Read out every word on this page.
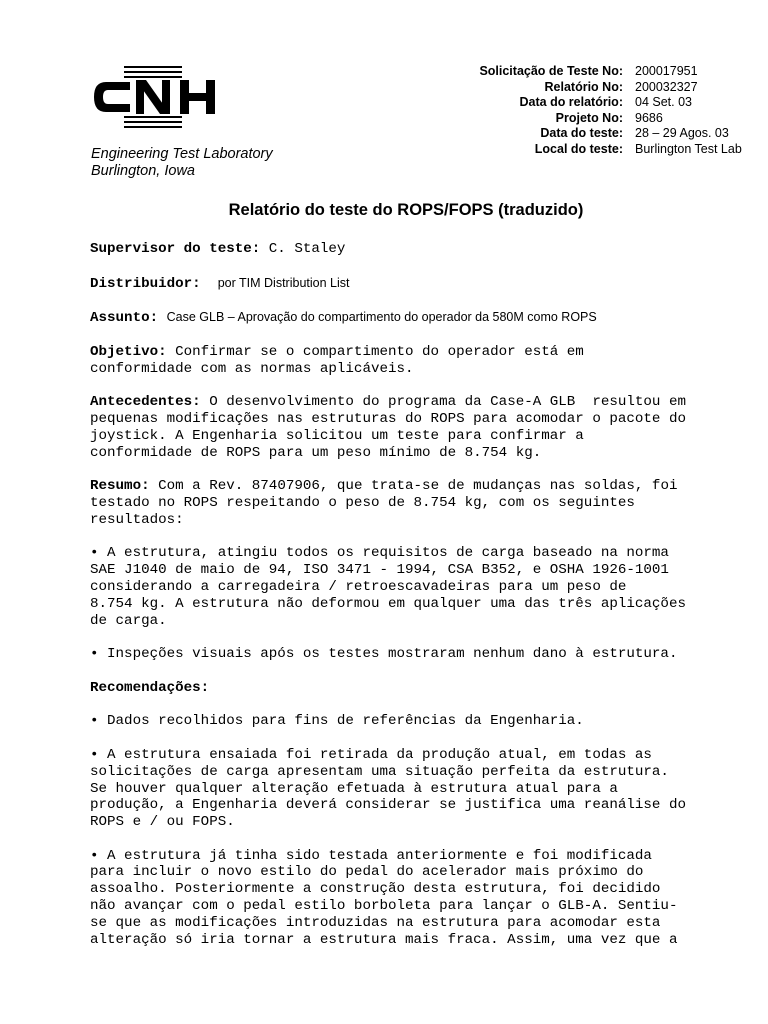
Engineering Test Laboratory
Burlington, Iowa
Solicitação de Teste No: 200017951
Relatório No: 200032327
Data do relatório: 04 Set. 03
Projeto No: 9686
Data do teste: 28 – 29 Agos. 03
Local do teste: Burlington Test Lab
Relatório do teste do ROPS/FOPS (traduzido)

Supervisor do teste: C. Staley

Distribuidor: por TIM Distribution List

Assunto: Case GLB – Aprovação do compartimento do operador da 580M como ROPS

Objetivo: Confirmar se o compartimento do operador está em
conformidade com as normas aplicáveis.

Antecedentes: O desenvolvimento do programa da Case-A GLB  resultou em
pequenas modificações nas estruturas do ROPS para acomodar o pacote do
joystick. A Engenharia solicitou um teste para confirmar a
conformidade de ROPS para um peso mínimo de 8.754 kg.

Resumo: Com a Rev. 87407906, que trata-se de mudanças nas soldas, foi
testado no ROPS respeitando o peso de 8.754 kg, com os seguintes
resultados:

• A estrutura, atingiu todos os requisitos de carga baseado na norma
SAE J1040 de maio de 94, ISO 3471 - 1994, CSA B352, e OSHA 1926-1001
considerando a carregadeira / retroescavadeiras para um peso de
8.754 kg. A estrutura não deformou em qualquer uma das três aplicações
de carga.

• Inspeções visuais após os testes mostraram nenhum dano à estrutura.

Recomendações:

• Dados recolhidos para fins de referências da Engenharia.

• A estrutura ensaiada foi retirada da produção atual, em todas as
solicitações de carga apresentam uma situação perfeita da estrutura.
Se houver qualquer alteração efetuada à estrutura atual para a
produção, a Engenharia deverá considerar se justifica uma reanálise do
ROPS e / ou FOPS.

• A estrutura já tinha sido testada anteriormente e foi modificada
para incluir o novo estilo do pedal do acelerador mais próximo do
assoalho. Posteriormente a construção desta estrutura, foi decidido
não avançar com o pedal estilo borboleta para lançar o GLB-A. Sentiu-
se que as modificações introduzidas na estrutura para acomodar esta
alteração só iria tornar a estrutura mais fraca. Assim, uma vez que a
